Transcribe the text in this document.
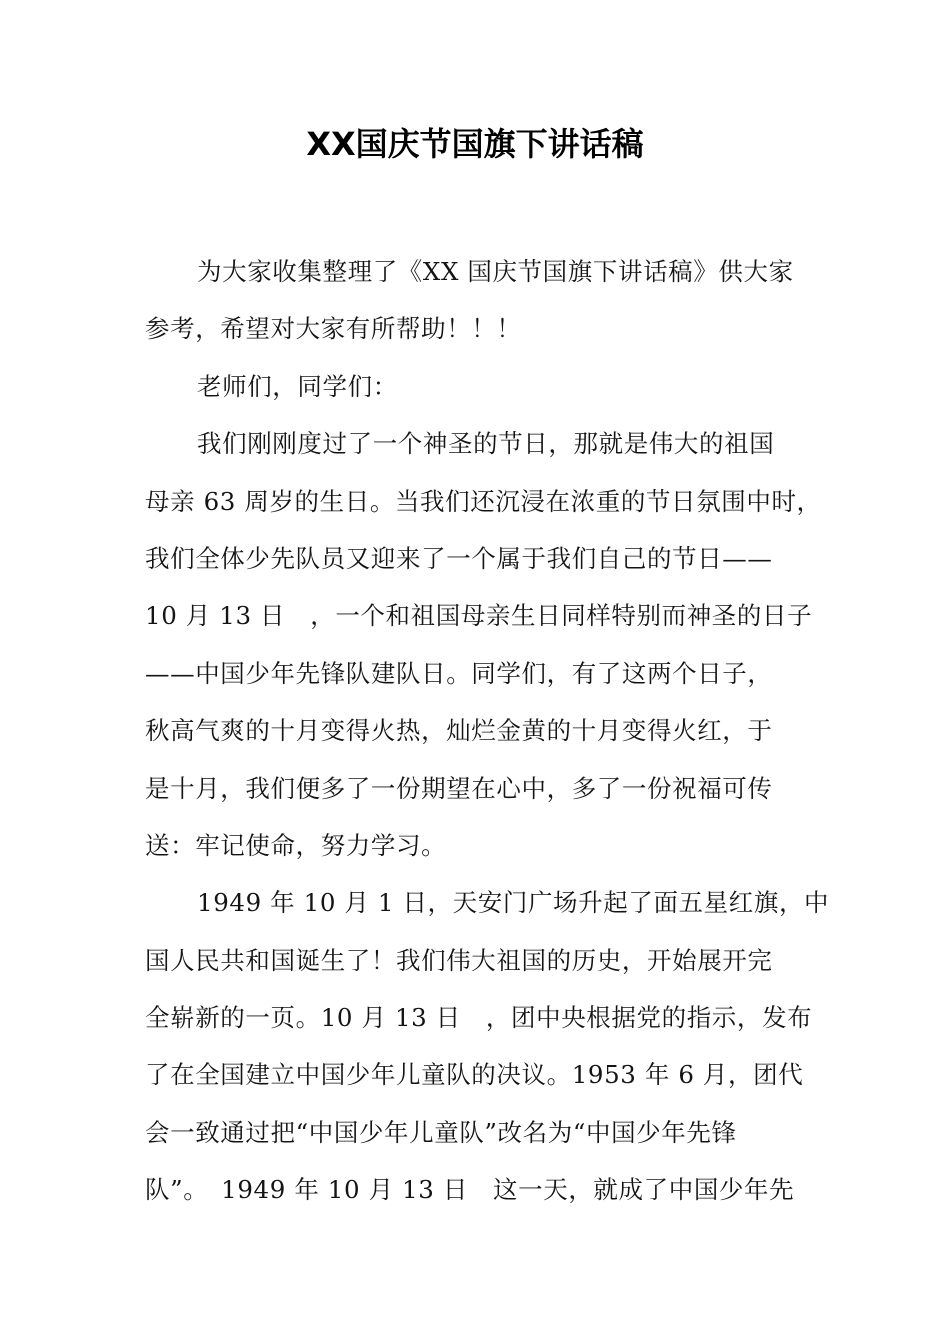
XX国庆节国旗下讲话稿
为大家收集整理了《XX 国庆节国旗下讲话稿》供大家
参考，希望对大家有所帮助！！！
老师们，同学们：
我们刚刚度过了一个神圣的节日，那就是伟大的祖国
母亲 63 周岁的生日。当我们还沉浸在浓重的节日氛围中时，
我们全体少先队员又迎来了一个属于我们自己的节日——
10 月 13 日　，一个和祖国母亲生日同样特别而神圣的日子
——中国少年先锋队建队日。同学们，有了这两个日子，
秋高气爽的十月变得火热，灿烂金黄的十月变得火红，于
是十月，我们便多了一份期望在心中，多了一份祝福可传
送：牢记使命，努力学习。
1949 年 10 月 1 日，天安门广场升起了面五星红旗，中
国人民共和国诞生了！我们伟大祖国的历史，开始展开完
全崭新的一页。10 月 13 日　，团中央根据党的指示，发布
了在全国建立中国少年儿童队的决议。1953 年 6 月，团代
会一致通过把“中国少年儿童队”改名为“中国少年先锋
队”。　1949 年 10 月 13 日　这一天，就成了中国少年先
